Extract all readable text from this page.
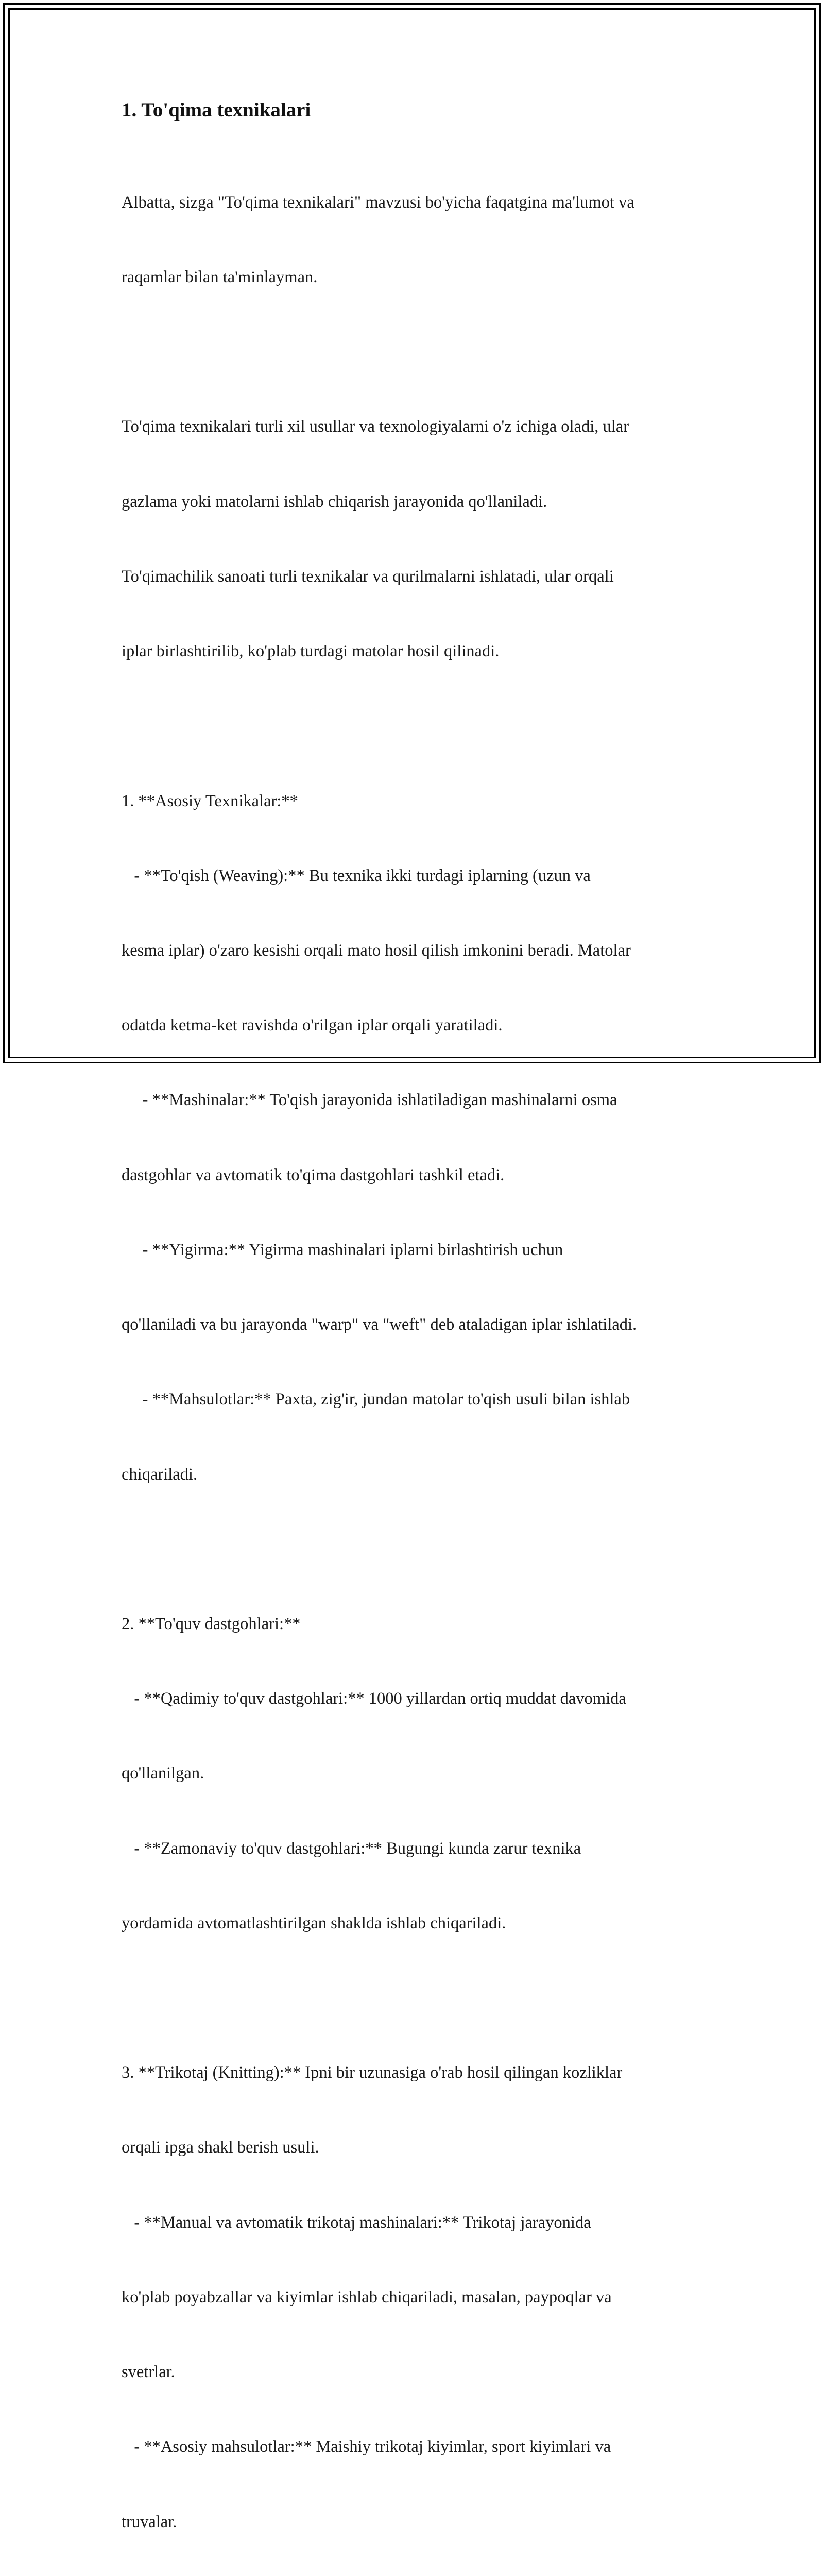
1. To'qima texnikalari

Albatta, sizga "To'qima texnikalari" mavzusi bo'yicha faqatgina ma'lumot va

raqamlar bilan ta'minlayman.

To'qima texnikalari turli xil usullar va texnologiyalarni o'z ichiga oladi, ular

gazlama yoki matolarni ishlab chiqarish jarayonida qo'llaniladi.

To'qimachilik sanoati turli texnikalar va qurilmalarni ishlatadi, ular orqali

iplar birlashtirilib, ko'plab turdagi matolar hosil qilinadi.

1. **Asosiy Texnikalar:**

- **To'qish (Weaving):** Bu texnika ikki turdagi iplarning (uzun va

kesma iplar) o'zaro kesishi orqali mato hosil qilish imkonini beradi. Matolar

odatda ketma-ket ravishda o'rilgan iplar orqali yaratiladi.

- **Mashinalar:** To'qish jarayonida ishlatiladigan mashinalarni osma

dastgohlar va avtomatik to'qima dastgohlari tashkil etadi.

- **Yigirma:** Yigirma mashinalari iplarni birlashtirish uchun

qo'llaniladi va bu jarayonda "warp" va "weft" deb ataladigan iplar ishlatiladi.

- **Mahsulotlar:** Paxta, zig'ir, jundan matolar to'qish usuli bilan ishlab

chiqariladi.

2. **To'quv dastgohlari:**

- **Qadimiy to'quv dastgohlari:** 1000 yillardan ortiq muddat davomida

qo'llanilgan.

- **Zamonaviy to'quv dastgohlari:** Bugungi kunda zarur texnika

yordamida avtomatlashtirilgan shaklda ishlab chiqariladi.

3. **Trikotaj (Knitting):** Ipni bir uzunasiga o'rab hosil qilingan kozliklar

orqali ipga shakl berish usuli.

- **Manual va avtomatik trikotaj mashinalari:** Trikotaj jarayonida

ko'plab poyabzallar va kiyimlar ishlab chiqariladi, masalan, paypoqlar va

svetrlar.

- **Asosiy mahsulotlar:** Maishiy trikotaj kiyimlar, sport kiyimlari va

truvalar.
